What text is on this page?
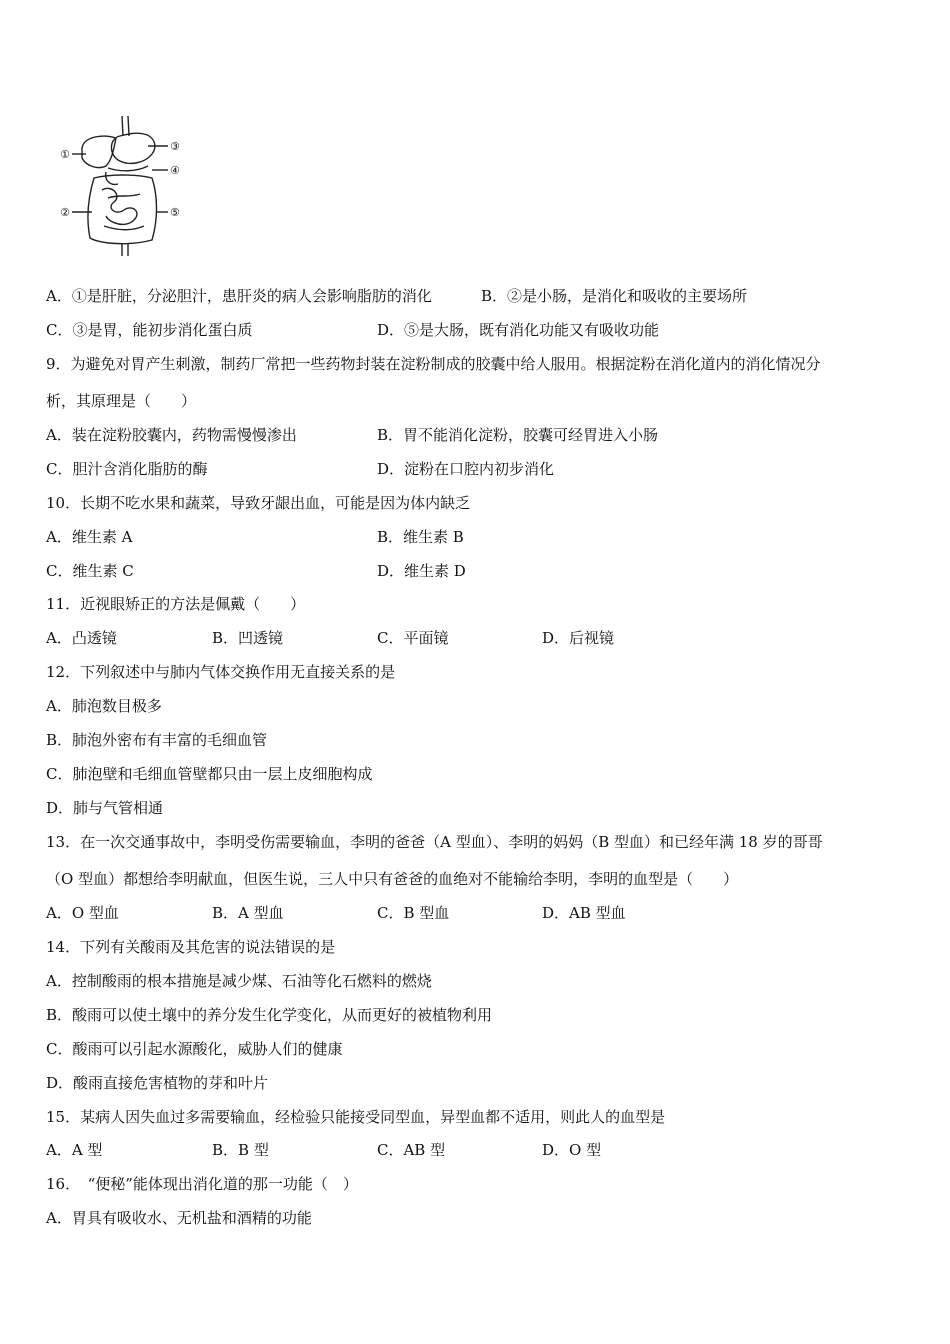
①
②
③
④
⑤
A．①是肝脏，分泌胆汁，患肝炎的病人会影响脂肪的消化	B．②是小肠，是消化和吸收的主要场所
C．③是胃，能初步消化蛋白质	D．⑤是大肠，既有消化功能又有吸收功能
9．为避免对胃产生刺激，制药厂常把一些药物封装在淀粉制成的胶囊中给人服用。根据淀粉在消化道内的消化情况分
析，其原理是（　　）
A．装在淀粉胶囊内，药物需慢慢渗出	B．胃不能消化淀粉，胶囊可经胃进入小肠
C．胆汁含消化脂肪的酶	D．淀粉在口腔内初步消化
10．长期不吃水果和蔬菜，导致牙龈出血，可能是因为体内缺乏
A．维生素 A	B．维生素 B
C．维生素 C	D．维生素 D
11．近视眼矫正的方法是佩戴（　　）
A．凸透镜	B．凹透镜	C．平面镜	D．后视镜
12．下列叙述中与肺内气体交换作用无直接关系的是
A．肺泡数目极多
B．肺泡外密布有丰富的毛细血管
C．肺泡壁和毛细血管壁都只由一层上皮细胞构成
D．肺与气管相通
13．在一次交通事故中，李明受伤需要输血，李明的爸爸（A 型血）、李明的妈妈（B 型血）和已经年满 18 岁的哥哥
（O 型血）都想给李明献血，但医生说，三人中只有爸爸的血绝对不能输给李明，李明的血型是（　　）
A．O 型血	B．A 型血	C．B 型血	D．AB 型血
14．下列有关酸雨及其危害的说法错误的是
A．控制酸雨的根本措施是减少煤、石油等化石燃料的燃烧
B．酸雨可以使土壤中的养分发生化学变化，从而更好的被植物利用
C．酸雨可以引起水源酸化，威胁人们的健康
D．酸雨直接危害植物的芽和叶片
15．某病人因失血过多需要输血，经检验只能接受同型血，异型血都不适用，则此人的血型是
A．A 型	B．B 型	C．AB 型	D．O 型
16．　“便秘”能体现出消化道的那一功能（　）
A．胃具有吸收水、无机盐和酒精的功能
